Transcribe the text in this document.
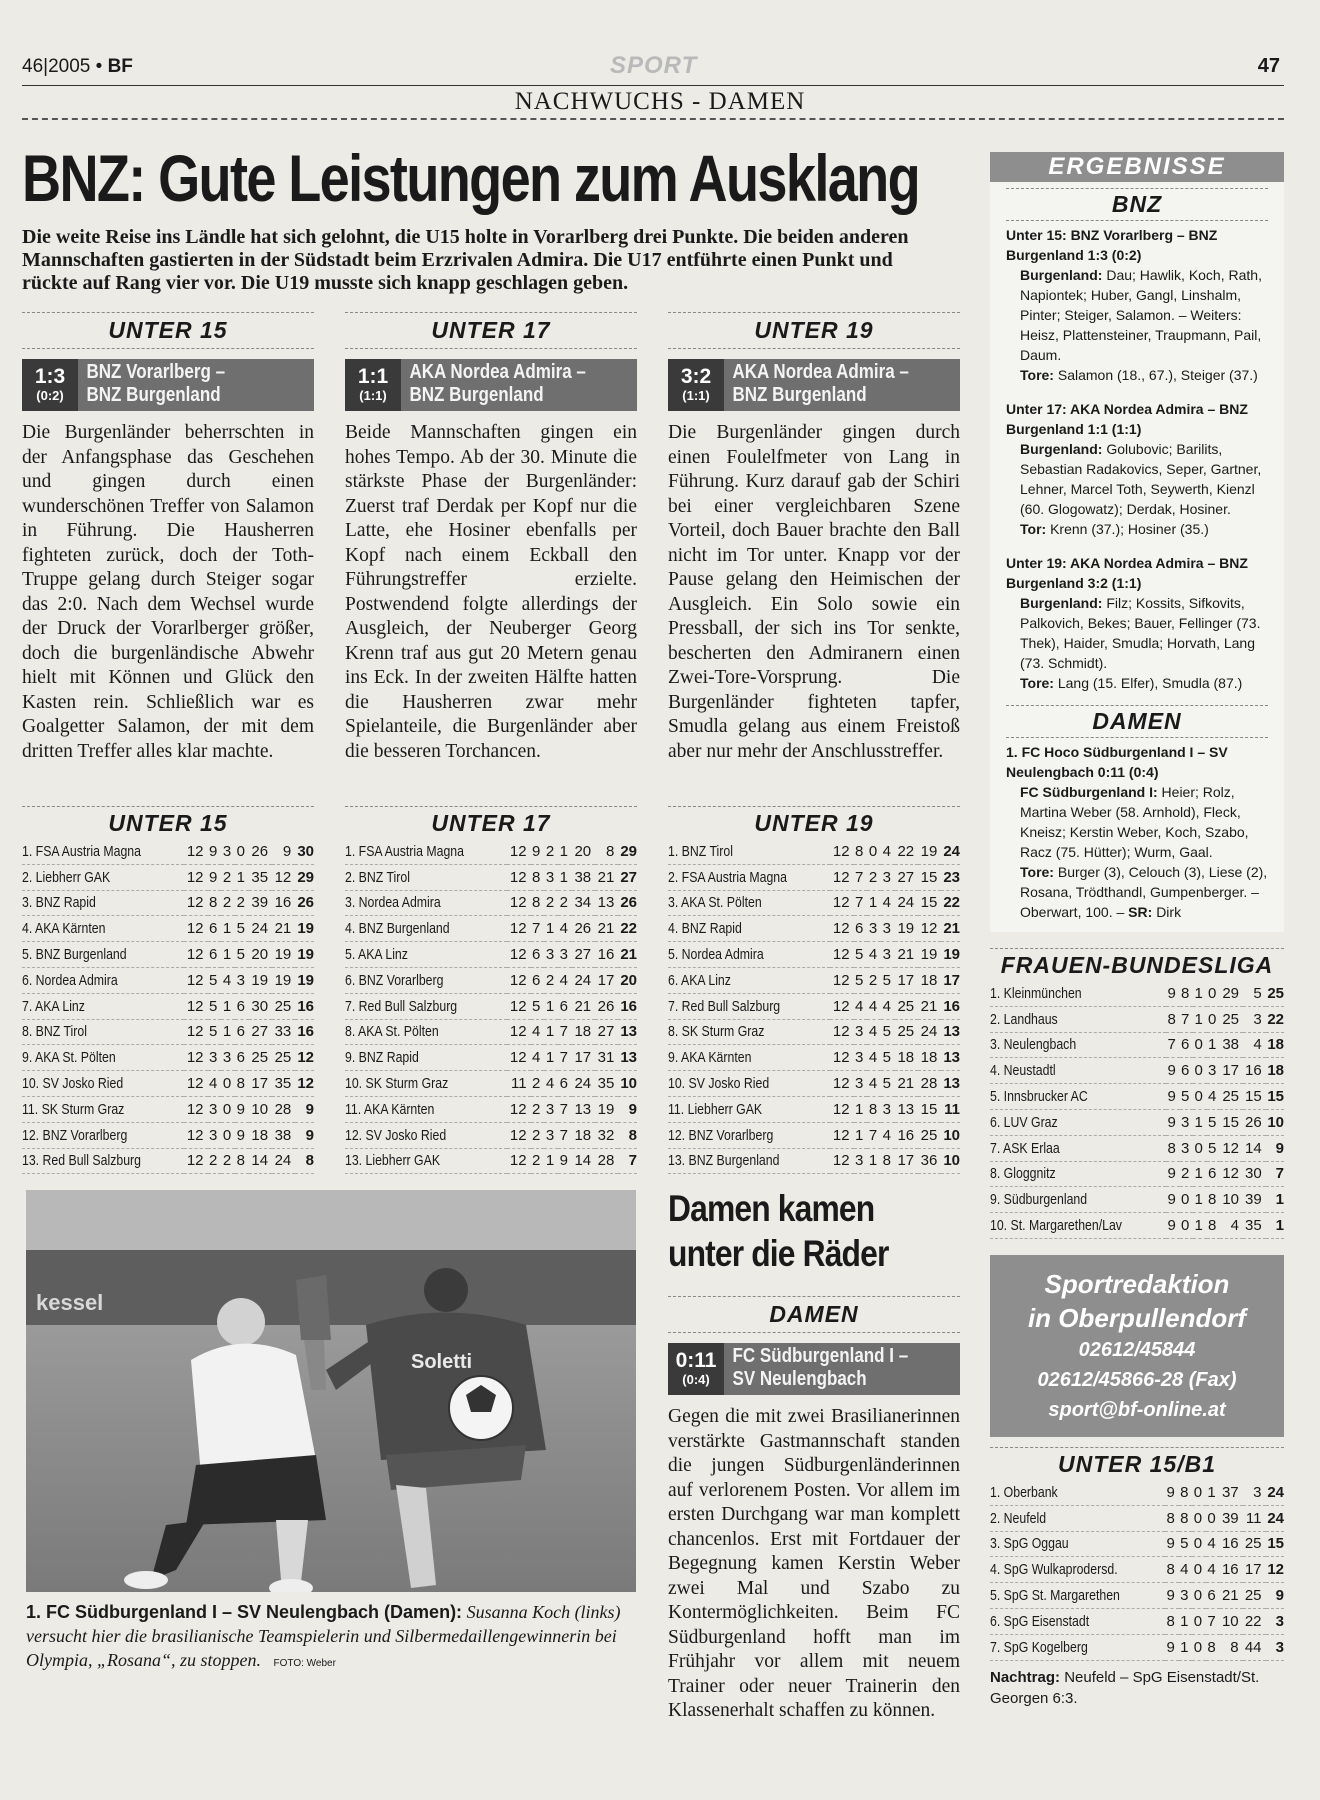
46|2005 • BF	SPORT	47
NACHWUCHS - DAMEN
BNZ: Gute Leistungen zum Ausklang
Die weite Reise ins Ländle hat sich gelohnt, die U15 holte in Vorarlberg drei Punkte. Die beiden anderen Mannschaften gastierten in der Südstadt beim Erzrivalen Admira. Die U17 entführte einen Punkt und rückte auf Rang vier vor. Die U19 musste sich knapp geschlagen geben.
UNTER 15
1:3
(0:2)
BNZ Vorarlberg –
BNZ Burgenland
Die Burgenländer beherrschten in der Anfangsphase das Geschehen und gingen durch einen wunderschönen Treffer von Salamon in Führung. Die Hausherren fighteten zurück, doch der Toth-Truppe gelang durch Steiger sogar das 2:0. Nach dem Wechsel wurde der Druck der Vorarlberger größer, doch die burgenländische Abwehr hielt mit Können und Glück den Kasten rein. Schließlich war es Goalgetter Salamon, der mit dem dritten Treffer alles klar machte.
UNTER 17
1:1
(1:1)
AKA Nordea Admira –
BNZ Burgenland
Beide Mannschaften gingen ein hohes Tempo. Ab der 30. Minute die stärkste Phase der Burgenländer: Zuerst traf Derdak per Kopf nur die Latte, ehe Hosiner ebenfalls per Kopf nach einem Eckball den Führungstreffer erzielte. Postwendend folgte allerdings der Ausgleich, der Neuberger Georg Krenn traf aus gut 20 Metern genau ins Eck. In der zweiten Hälfte hatten die Hausherren zwar mehr Spielanteile, die Burgenländer aber die besseren Torchancen.
UNTER 19
3:2
(1:1)
AKA Nordea Admira –
BNZ Burgenland
Die Burgenländer gingen durch einen Foulelfmeter von Lang in Führung. Kurz darauf gab der Schiri bei einer vergleichbaren Szene Vorteil, doch Bauer brachte den Ball nicht im Tor unter. Knapp vor der Pause gelang den Heimischen der Ausgleich. Ein Solo sowie ein Pressball, der sich ins Tor senkte, bescherten den Admiranern einen Zwei-Tore-Vorsprung. Die Burgenländer fighteten tapfer, Smudla gelang aus einem Freistoß aber nur mehr der Anschlusstreffer.
UNTER 15
1. FSA Austria Magna	12	9	3	0	26	9	30
2. Liebherr GAK	12	9	2	1	35	12	29
3. BNZ Rapid	12	8	2	2	39	16	26
4. AKA Kärnten	12	6	1	5	24	21	19
5. BNZ Burgenland	12	6	1	5	20	19	19
6. Nordea Admira	12	5	4	3	19	19	19
7. AKA Linz	12	5	1	6	30	25	16
8. BNZ Tirol	12	5	1	6	27	33	16
9. AKA St. Pölten	12	3	3	6	25	25	12
10. SV Josko Ried	12	4	0	8	17	35	12
11. SK Sturm Graz	12	3	0	9	10	28	9
12. BNZ Vorarlberg	12	3	0	9	18	38	9
13. Red Bull Salzburg	12	2	2	8	14	24	8
UNTER 17
1. FSA Austria Magna	12	9	2	1	20	8	29
2. BNZ Tirol	12	8	3	1	38	21	27
3. Nordea Admira	12	8	2	2	34	13	26
4. BNZ Burgenland	12	7	1	4	26	21	22
5. AKA Linz	12	6	3	3	27	16	21
6. BNZ Vorarlberg	12	6	2	4	24	17	20
7. Red Bull Salzburg	12	5	1	6	21	26	16
8. AKA St. Pölten	12	4	1	7	18	27	13
9. BNZ Rapid	12	4	1	7	17	31	13
10. SK Sturm Graz	11	2	4	6	24	35	10
11. AKA Kärnten	12	2	3	7	13	19	9
12. SV Josko Ried	12	2	3	7	18	32	8
13. Liebherr GAK	12	2	1	9	14	28	7
UNTER 19
1. BNZ Tirol	12	8	0	4	22	19	24
2. FSA Austria Magna	12	7	2	3	27	15	23
3. AKA St. Pölten	12	7	1	4	24	15	22
4. BNZ Rapid	12	6	3	3	19	12	21
5. Nordea Admira	12	5	4	3	21	19	19
6. AKA Linz	12	5	2	5	17	18	17
7. Red Bull Salzburg	12	4	4	4	25	21	16
8. SK Sturm Graz	12	3	4	5	25	24	13
9. AKA Kärnten	12	3	4	5	18	18	13
10. SV Josko Ried	12	3	4	5	21	28	13
11. Liebherr GAK	12	1	8	3	13	15	11
12. BNZ Vorarlberg	12	1	7	4	16	25	10
13. BNZ Burgenland	12	3	1	8	17	36	10
kessel
Soletti
1. FC Südburgenland I – SV Neulengbach (Damen): Susanna Koch (links) versucht hier die brasilianische Teamspielerin und Silbermedaillengewinnerin bei Olympia, „Rosana“, zu stoppen. FOTO: Weber
Damen kamen
unter die Räder
DAMEN
0:11
(0:4)
FC Südburgenland I –
SV Neulengbach
Gegen die mit zwei Brasilianerinnen verstärkte Gastmannschaft standen die jungen Südburgenländerinnen auf verlorenem Posten. Vor allem im ersten Durchgang war man komplett chancenlos. Erst mit Fortdauer der Begegnung kamen Kerstin Weber zwei Mal und Szabo zu Kontermöglichkeiten. Beim FC Südburgenland hofft man im Frühjahr vor allem mit neuem Trainer oder neuer Trainerin den Klassenerhalt schaffen zu können.
ERGEBNISSE
BNZ
Unter 15: BNZ Vorarlberg – BNZ Burgenland 1:3 (0:2)
Burgenland: Dau; Hawlik, Koch, Rath, Napiontek; Huber, Gangl, Linshalm, Pinter; Steiger, Salamon. – Weiters: Heisz, Plattensteiner, Traupmann, Pail, Daum.
Tore: Salamon (18., 67.), Steiger (37.)
Unter 17: AKA Nordea Admira – BNZ Burgenland 1:1 (1:1)
Burgenland: Golubovic; Barilits, Sebastian Radakovics, Seper, Gartner, Lehner, Marcel Toth, Seywerth, Kienzl (60. Glogowatz); Derdak, Hosiner.
Tor: Krenn (37.); Hosiner (35.)
Unter 19: AKA Nordea Admira – BNZ Burgenland 3:2 (1:1)
Burgenland: Filz; Kossits, Sifkovits, Palkovich, Bekes; Bauer, Fellinger (73. Thek), Haider, Smudla; Horvath, Lang (73. Schmidt).
Tore: Lang (15. Elfer), Smudla (87.)
DAMEN
1. FC Hoco Südburgenland I – SV Neulengbach 0:11 (0:4)
FC Südburgenland I: Heier; Rolz, Martina Weber (58. Arnhold), Fleck, Kneisz; Kerstin Weber, Koch, Szabo, Racz (75. Hütter); Wurm, Gaal.
Tore: Burger (3), Celouch (3), Liese (2), Rosana, Trödthandl, Gumpenberger. – Oberwart, 100. – SR: Dirk
FRAUEN-BUNDESLIGA
1. Kleinmünchen	9	8	1	0	29	5	25
2. Landhaus	8	7	1	0	25	3	22
3. Neulengbach	7	6	0	1	38	4	18
4. Neustadtl	9	6	0	3	17	16	18
5. Innsbrucker AC	9	5	0	4	25	15	15
6. LUV Graz	9	3	1	5	15	26	10
7. ASK Erlaa	8	3	0	5	12	14	9
8. Gloggnitz	9	2	1	6	12	30	7
9. Südburgenland	9	0	1	8	10	39	1
10. St. Margarethen/Lav	9	0	1	8	4	35	1
Sportredaktion
in Oberpullendorf
02612/45844
02612/45866-28 (Fax)
sport@bf-online.at
UNTER 15/B1
1. Oberbank	9	8	0	1	37	3	24
2. Neufeld	8	8	0	0	39	11	24
3. SpG Oggau	9	5	0	4	16	25	15
4. SpG Wulkaprodersd.	8	4	0	4	16	17	12
5. SpG St. Margarethen	9	3	0	6	21	25	9
6. SpG Eisenstadt	8	1	0	7	10	22	3
7. SpG Kogelberg	9	1	0	8	8	44	3
Nachtrag: Neufeld – SpG Eisenstadt/St. Georgen 6:3.
